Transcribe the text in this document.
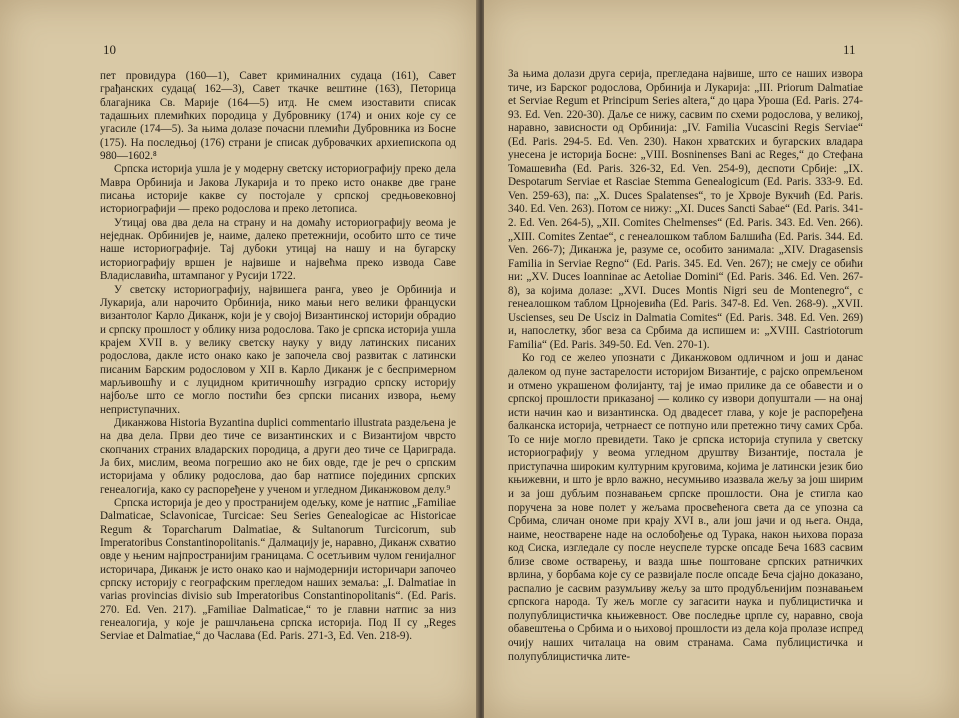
10

пет провидура (160—1), Савет криминалних судаца (161), Савет грађанских судаца( 162—3), Савет ткачке вештине (163), Петорица благајника Св. Марије (164—5) итд. Не смем изоставити списак тадашњих племићких породица у Дубровнику (174) и оних које су се угасиле (174—5). За њима долазе почасни племићи Дубровника из Босне (175). На последњој (176) страни је списак дубровачких архиепископа од 980—1602.⁸

Српска историја ушла је у модерну светску историографију преко дела Мавра Орбинија и Јакова Лукарија и то преко исто онакве две гране писања историје какве су постојале у српској средњовековној историографији — преко родослова и преко летописа.

Утицај ова два дела на страну и на домаћу историографију веома је неједнак. Орбинијев је, наиме, далеко претежнији, особито што се тиче наше историографије. Тај дубоки утицај на нашу и на бугарску историографију вршен је највише и највећма преко извода Саве Владиславића, штампаног у Русији 1722.

У светску историографију, највишега ранга, увео је Орбинија и Лукарија, али нарочито Орбинија, нико мањи него велики француски византолог Карло Диканж, који је у својој Византинској историји обрадио и српску прошлост у облику низа родослова. Тако је српска историја ушла крајем XVII в. у велику светску науку у виду латинских писаних родослова, дакле исто онако како је започела свој развитак с латински писаним Барским родословом у XII в. Карло Диканж је с беспримерном марљивошћу и с луцидном критичношћу изградио српску историју најбоље што се могло постићи без српски писаних извора, њему неприступачних.

Диканжова Historia Byzantina duplici commentario illustrata раздељена је на два дела. Први део тиче се византинских и с Византијом чврсто скопчаних страних владарских породица, а други део тиче се Цариграда. Ја бих, мислим, веома погрешио ако не бих овде, где је реч о српским историјама у облику родослова, дао бар натписе појединих српских генеалогија, како су распоређене у ученом и угледном Диканжовом делу.⁹

Српска историја је део у пространијем одељку, коме је натпис „Familiae Dalmaticae, Sclavonicae, Turcicae: Seu Series Genealogicae ac Historicae Regum & Toparcharum Dalmatiae, & Sultanorum Turcicorum, sub Imperatoribus Constantinopolitanis.“ Далмацију је, наравно, Диканж схватио овде у њеним најпространијим границама. С осетљивим чулом генијалног историчара, Диканж је исто онако као и најмодернији историчари започео српску историју с географским прегледом наших земаља: „I. Dalmatiae in varias provincias divisio sub Imperatoribus Constantinopolitanis“. (Ed. Paris. 270. Ed. Ven. 217). „Familiae Dalmaticae,“ то је главни натпис за низ генеалогија, у које је рашчлањена српска историја. Под II су „Reges Serviae et Dalmatiae,“ до Часлава (Ed. Paris. 271-3, Ed. Ven. 218-9).

11

За њима долази друга серија, прегледана највише, што се наших извора тиче, из Барског родослова, Орбинија и Лукарија: „III. Priorum Dalmatiae et Serviae Regum et Principum Series altera,“ до цара Уроша (Ed. Paris. 274-93. Ed. Ven. 220-30). Даље се нижу, сасвим по схеми родослова, у великој, наравно, зависности од Орбинија: „IV. Familia Vucascini Regis Serviae“ (Ed. Paris. 294-5. Ed. Ven. 230). Након хрватских и бугарских владара унесена је историја Босне: „VIII. Bosninenses Bani ac Reges,“ до Стефана Томашевића (Ed. Paris. 326-32, Ed. Ven. 254-9), деспоти Србије: „IX. Despotarum Serviae et Rasciae Stemma Genealogicum (Ed. Paris. 333-9. Ed. Ven. 259-63), па: „X. Duces Spalatenses“, то је Хрвоје Вукчић (Ed. Paris. 340. Ed. Ven. 263). Потом се нижу: „XI. Duces Sancti Sabae“ (Ed. Paris. 341-2. Ed. Ven. 264-5), „XII. Comites Chelmenses“ (Ed. Paris. 343. Ed. Ven. 266). „XIII. Comites Zentae“, с генеалошком таблом Балшића (Ed. Paris. 344. Ed. Ven. 266-7); Диканжа је, разуме се, особито занимала: „XIV. Dragasensis Familia in Serviae Regno“ (Ed. Paris. 345. Ed. Ven. 267); не смеју се обићи ни: „XV. Duces Ioanninae ac Aetoliae Domini“ (Ed. Paris. 346. Ed. Ven. 267-8), за којима долазе: „XVI. Duces Montis Nigri seu de Montenegro“, с генеалошком таблом Црнојевића (Ed. Paris. 347-8. Ed. Ven. 268-9). „XVII. Uscienses, seu De Usciz in Dalmatia Comites“ (Ed. Paris. 348. Ed. Ven. 269) и, напослетку, због веза са Србима да испишем и: „XVIII. Castriotorum Familia“ (Ed. Paris. 349-50. Ed. Ven. 270-1).

Ко год се желео упознати с Диканжовом одличном и још и данас далеком од пуне застарелости историјом Византије, с рајско опремљеном и отмено украшеном фолијанту, тај је имао прилике да се обавести и о српској прошлости приказаној — колико су извори допуштали — на онај исти начин као и византинска. Од двадесет глава, у које је распоређена балканска историја, четрнаест се потпуно или претежно тичу самих Срба. То се није могло превидети. Тако је српска историја ступила у светску историографију у веома угледном друштву Византије, постала је приступачна широким културним круговима, којима је латински језик био књижевни, и што је врло важно, несумњиво изазвала жељу за још ширим и за још дубљим познавањем српске прошлости. Она је стигла као поручена за нове полет у жељама просвећенога света да се упозна са Србима, сличан ономе при крају XVI в., али још јачи и од њега. Онда, наиме, неостварене наде на ослобођење од Турака, након њихова пораза код Сиска, изгледале су после неуспеле турске опсаде Беча 1683 сасвим близе своме остварењу, и вазда шње поштоване српских ратничких врлина, у борбама које су се развијале после опсаде Беча сјајно доказано, распалио је сасвим разумљиву жељу за што продубљенијим познавањем српскога народа. Ту жељ могле су загасити наука и публицистичка и полупублицистичка књижевност. Ове последње црпле су, наравно, своја обавештења о Србима и о њиховој прошлости из дела која пролазе испред очију наших читалаца на овим странама. Сама публицистичка и полупублицистичка лите-
